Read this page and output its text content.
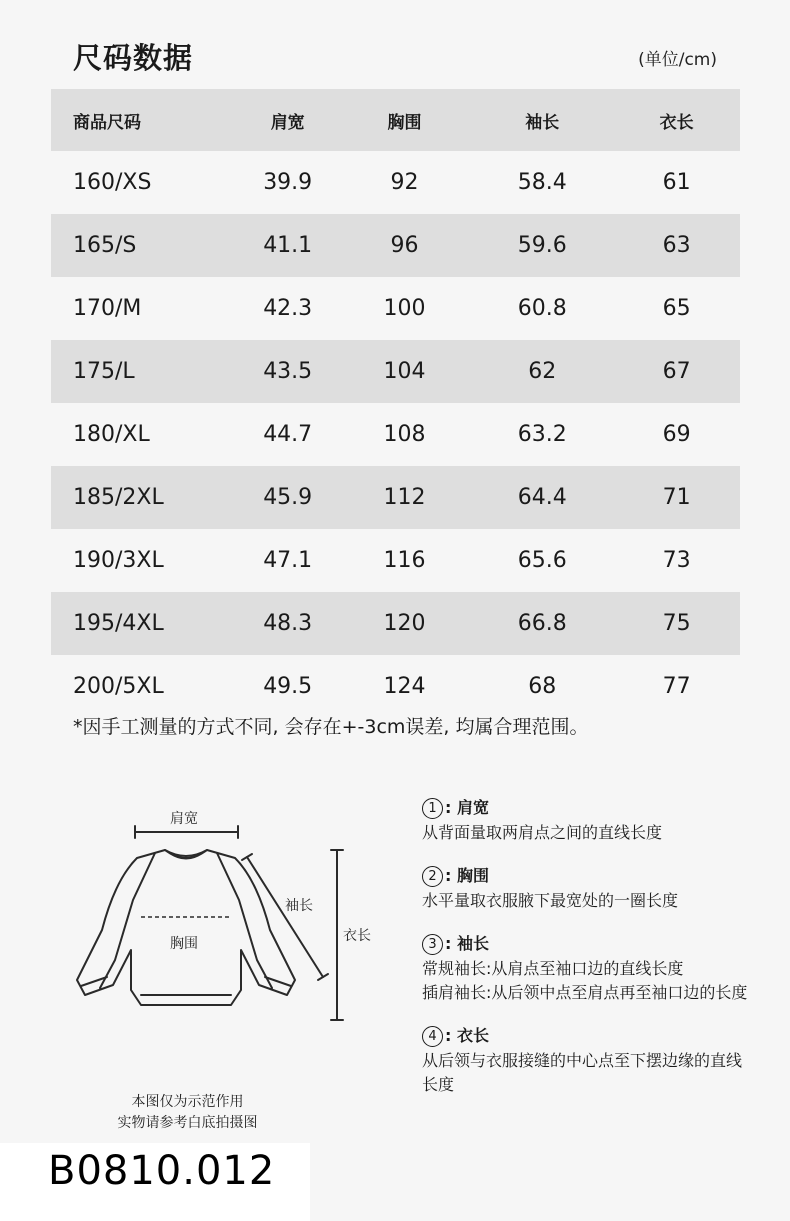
尺码数据	(单位/cm)
商品尺码	肩宽	胸围	袖长	衣长
160/XS	39.9	92	58.4	61
165/S	41.1	96	59.6	63
170/M	42.3	100	60.8	65
175/L	43.5	104	62	67
180/XL	44.7	108	63.2	69
185/2XL	45.9	112	64.4	71
190/3XL	47.1	116	65.6	73
195/4XL	48.3	120	66.8	75
200/5XL	49.5	124	68	77
*因手工测量的方式不同, 会存在+-3cm误差, 均属合理范围。
肩宽
袖长
胸围	衣长
本图仅为示范作用
实物请参考白底拍摄图
1 : 肩宽
从背面量取两肩点之间的直线长度
2 : 胸围
水平量取衣服腋下最宽处的一圈长度
3 : 袖长
常规袖长: 从肩点至袖口边的直线长度
插肩袖长: 从后领中点至肩点再至袖口边的长度
4 : 衣长
从后领与衣服接缝的中心点至下摆边缘的直线长度
B0810.012
